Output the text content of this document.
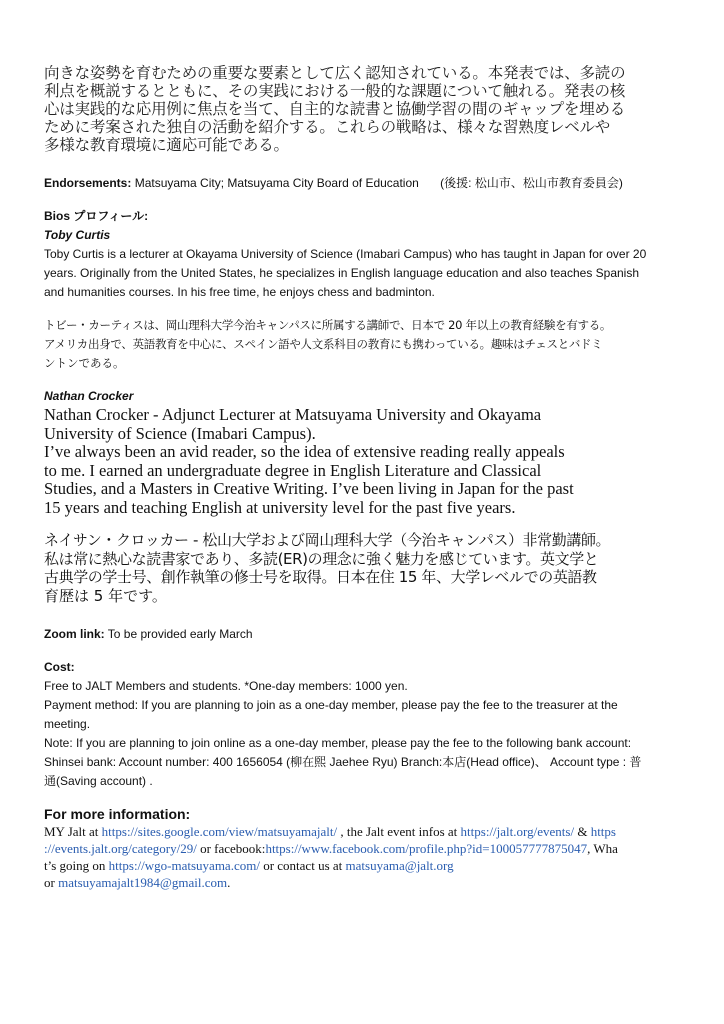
向きな姿勢を育むための重要な要素として広く認知されている。本発表では、多読の

利点を概説するとともに、その実践における一般的な課題について触れる。発表の核

心は実践的な応用例に焦点を当て、自主的な読書と協働学習の間のギャップを埋める

ために考案された独自の活動を紹介する。これらの戦略は、様々な習熟度レベルや

多様な教育環境に適応可能である。

Endorsements: Matsuyama City; Matsuyama City Board of Education (後援: 松山市、松山市教育委員会)

Bios プロフィール:

Toby Curtis

Toby Curtis is a lecturer at Okayama University of Science (Imabari Campus) who has taught in Japan for over 20

years. Originally from the United States, he specializes in English language education and also teaches Spanish

and humanities courses. In his free time, he enjoys chess and badminton.

トビー・カーティスは、岡山理科大学今治キャンパスに所属する講師で、日本で 20 年以上の教育経験を有する。

アメリカ出身で、英語教育を中心に、スペイン語や人文系科目の教育にも携わっている。趣味はチェスとバドミ

ントンである。

Nathan Crocker

Nathan Crocker - Adjunct Lecturer at Matsuyama University and Okayama

University of Science (Imabari Campus).

I’ve always been an avid reader, so the idea of extensive reading really appeals

to me. I earned an undergraduate degree in English Literature and Classical

Studies, and a Masters in Creative Writing. I’ve been living in Japan for the past

15 years and teaching English at university level for the past five years.

ネイサン・クロッカー - 松山大学および岡山理科大学（今治キャンパス）非常勤講師。

私は常に熱心な読書家であり、多読(ER)の理念に強く魅力を感じています。英文学と

古典学の学士号、創作執筆の修士号を取得。日本在住 15 年、大学レベルでの英語教

育歴は 5 年です。

Zoom link: To be provided early March

Cost:

Free to JALT Members and students. *One-day members: 1000 yen.

Payment method: If you are planning to join as a one-day member, please pay the fee to the treasurer at the

meeting.

Note: If you are planning to join online as a one-day member, please pay the fee to the following bank account:

Shinsei bank: Account number: 400 1656054 (柳在熙 Jaehee Ryu) Branch:本店(Head office)、 Account type : 普

通(Saving account) .

For more information:

MY Jalt at https://sites.google.com/view/matsuyamajalt/ , the Jalt event infos at https://jalt.org/events/ & https

://events.jalt.org/category/29/ or facebook:https://www.facebook.com/profile.php?id=100057777875047, Wha

t’s going on https://wgo-matsuyama.com/ or contact us at matsuyama@jalt.org

or matsuyamajalt1984@gmail.com.
